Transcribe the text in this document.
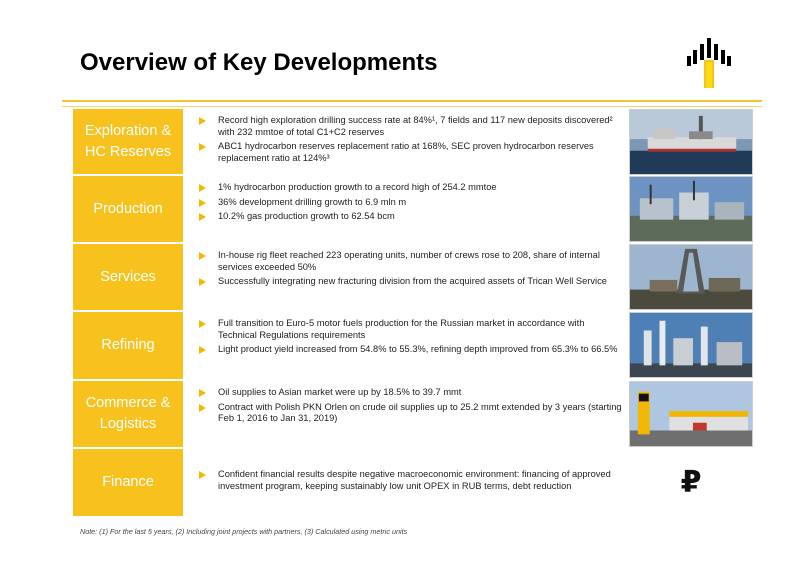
Overview of Key Developments
Exploration & HC Reserves
Record high exploration drilling success rate at 84%¹, 7 fields and 117 new deposits discovered² with 232 mmtoe of total C1+C2 reserves
ABC1 hydrocarbon reserves replacement ratio at 168%, SEC proven hydrocarbon reserves replacement ratio at 124%³
Production
1% hydrocarbon production growth to a record high of 254.2 mmtoe
36% development drilling growth to 6.9 mln m
10.2% gas production growth to 62.54 bcm
Services
In-house rig fleet reached 223 operating units, number of crews rose to 208, share of internal services exceeded 50%
Successfully integrating new fracturing division from the acquired assets of Trican Well Service
Refining
Full transition to Euro-5 motor fuels production for the Russian market in accordance with Technical Regulations requirements
Light product yield increased from 54.8% to 55.3%, refining depth improved from 65.3% to 66.5%
Commerce & Logistics
Oil supplies to Asian market were up by 18.5% to 39.7 mmt
Contract with Polish PKN Orlen on crude oil supplies up to 25.2 mmt extended by 3 years (starting Feb 1, 2016 to Jan 31, 2019)
Finance	Confident financial results despite negative macroeconomic environment: financing of approved investment program, keeping sustainably low unit OPEX in RUB terms, debt reduction	₽
Note: (1) For the last 5 years, (2) Including joint projects with partners, (3) Calculated using metric units
